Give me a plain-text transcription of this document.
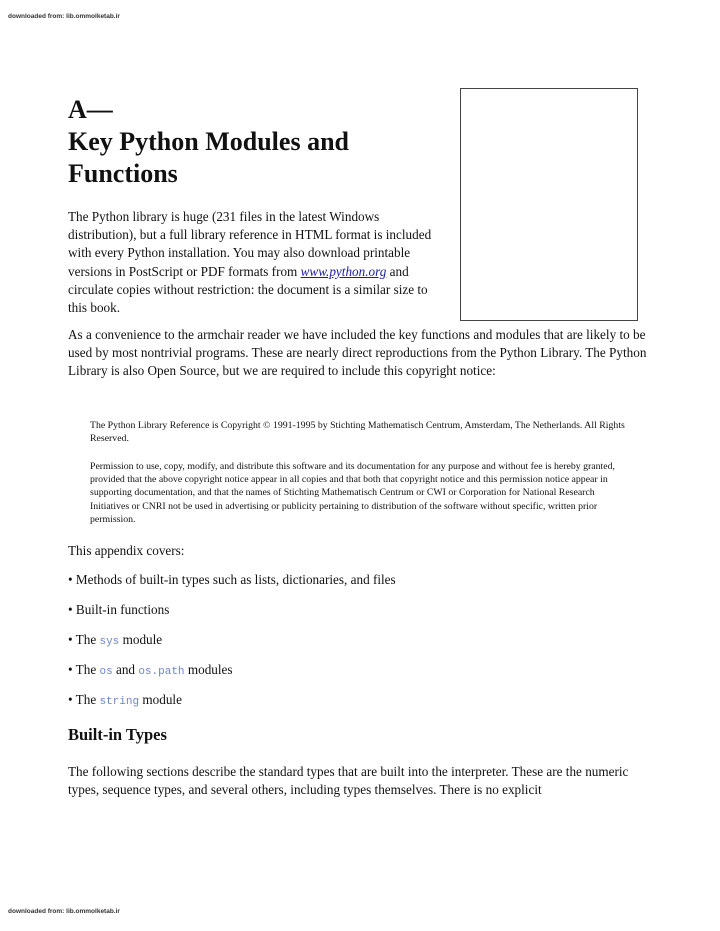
downloaded from: lib.ommolketab.ir
A—
Key Python Modules and
Functions

The Python library is huge (231 files in the latest Windows distribution), but a full library reference in HTML format is included with every Python installation. You may also download printable versions in PostScript or PDF formats from www.python.org and circulate copies without restriction: the document is a similar size to this book.

As a convenience to the armchair reader we have included the key functions and modules that are likely to be used by most nontrivial programs. These are nearly direct reproductions from the Python Library. The Python Library is also Open Source, but we are required to include this copyright notice:

The Python Library Reference is Copyright © 1991-1995 by Stichting Mathematisch Centrum, Amsterdam, The Netherlands. All Rights Reserved.

Permission to use, copy, modify, and distribute this software and its documentation for any purpose and without fee is hereby granted, provided that the above copyright notice appear in all copies and that both that copyright notice and this permission notice appear in supporting documentation, and that the names of Stichting Mathematisch Centrum or CWI or Corporation for National Research Initiatives or CNRI not be used in advertising or publicity pertaining to distribution of the software without specific, written prior permission.

This appendix covers:

• Methods of built-in types such as lists, dictionaries, and files
• Built-in functions
• The sys module
• The os and os.path modules
• The string module
Built-in Types

The following sections describe the standard types that are built into the interpreter. These are the numeric types, sequence types, and several others, including types themselves. There is no explicit

downloaded from: lib.ommolketab.ir
